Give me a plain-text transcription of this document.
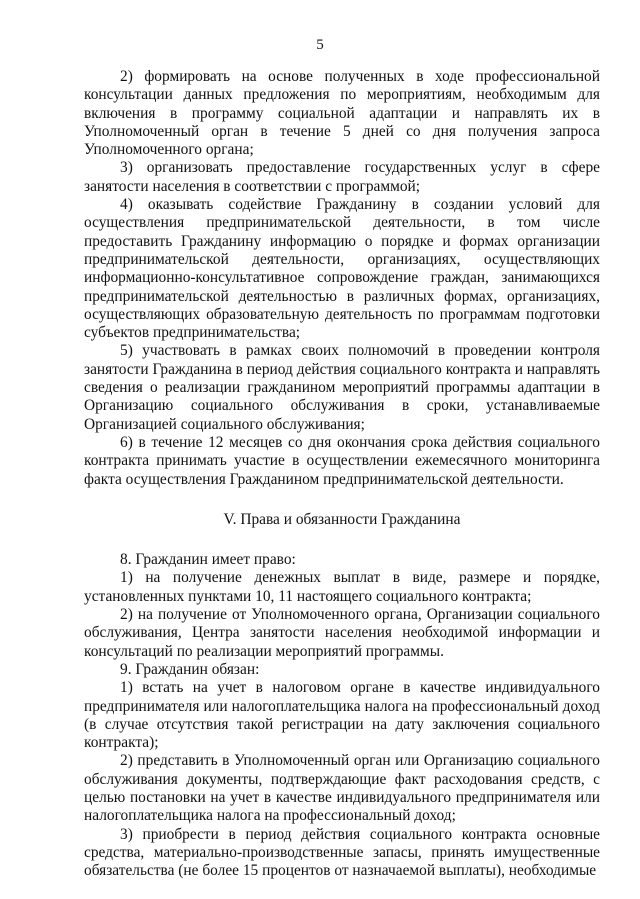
5

2) формировать на основе полученных в ходе профессиональной консультации данных предложения по мероприятиям, необходимым для включения в программу социальной адаптации и направлять их в Уполномоченный орган в течение 5 дней со дня получения запроса Уполномоченного органа;

3) организовать предоставление государственных услуг в сфере занятости населения в соответствии с программой;

4) оказывать содействие Гражданину в создании условий для осуществления предпринимательской деятельности, в том числе предоставить Гражданину информацию о порядке и формах организации предпринимательской деятельности, организациях, осуществляющих информационно-консультативное сопровождение граждан, занимающихся предпринимательской деятельностью в различных формах, организациях, осуществляющих образовательную деятельность по программам подготовки субъектов предпринимательства;

5) участвовать в рамках своих полномочий в проведении контроля занятости Гражданина в период действия социального контракта и направлять сведения о реализации гражданином мероприятий программы адаптации в Организацию социального обслуживания в сроки, устанавливаемые Организацией социального обслуживания;

6) в течение 12 месяцев со дня окончания срока действия социального контракта принимать участие в осуществлении ежемесячного мониторинга факта осуществления Гражданином предпринимательской деятельности.

V. Права и обязанности Гражданина

8. Гражданин имеет право:

1) на получение денежных выплат в виде, размере и порядке, установленных пунктами 10, 11 настоящего социального контракта;

2) на получение от Уполномоченного органа, Организации социального обслуживания, Центра занятости населения необходимой информации и консультаций по реализации мероприятий программы.

9. Гражданин обязан:

1) встать на учет в налоговом органе в качестве индивидуального предпринимателя или налогоплательщика налога на профессиональный доход (в случае отсутствия такой регистрации на дату заключения социального контракта);

2) представить в Уполномоченный орган или Организацию социального обслуживания документы, подтверждающие факт расходования средств, с целью постановки на учет в качестве индивидуального предпринимателя или налогоплательщика налога на профессиональный доход;

3) приобрести в период действия социального контракта основные средства, материально-производственные запасы, принять имущественные обязательства (не более 15 процентов от назначаемой выплаты), необходимые
